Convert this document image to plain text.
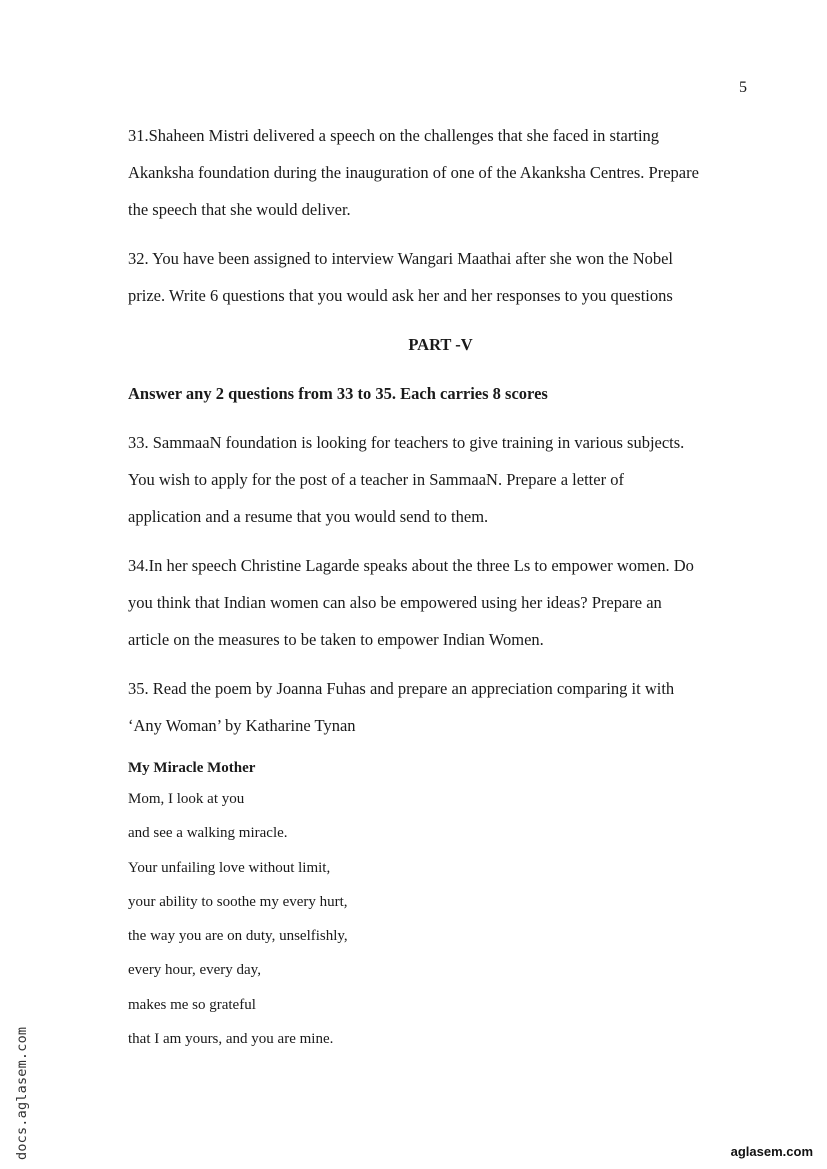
5
31.Shaheen Mistri delivered a speech on the challenges that she faced in starting
Akanksha foundation during the inauguration of one of the Akanksha Centres. Prepare
the speech that she would deliver.
32. You have been assigned to interview Wangari Maathai after she won the Nobel
prize. Write 6 questions that you would ask her and her responses to you questions
PART -V
Answer any 2 questions from 33 to 35. Each carries 8 scores
33. SammaaN foundation is looking for teachers to give training in various subjects.
You wish to apply for the post of a teacher in SammaaN. Prepare a letter of
application and a resume that you would send to them.
34.In her speech Christine Lagarde speaks about the three Ls to empower women. Do
you think that Indian women can also be empowered using her ideas? Prepare an
article on the measures to be taken to empower Indian Women.
35. Read the poem by Joanna Fuhas and prepare an appreciation comparing it with
‘Any Woman’ by Katharine Tynan
My Miracle Mother
Mom, I look at you
and see a walking miracle.
Your unfailing love without limit,
your ability to soothe my every hurt,
the way you are on duty, unselfishly,
every hour, every day,
makes me so grateful
that I am yours, and you are mine.
docs.aglasem.com	aglasem.com
